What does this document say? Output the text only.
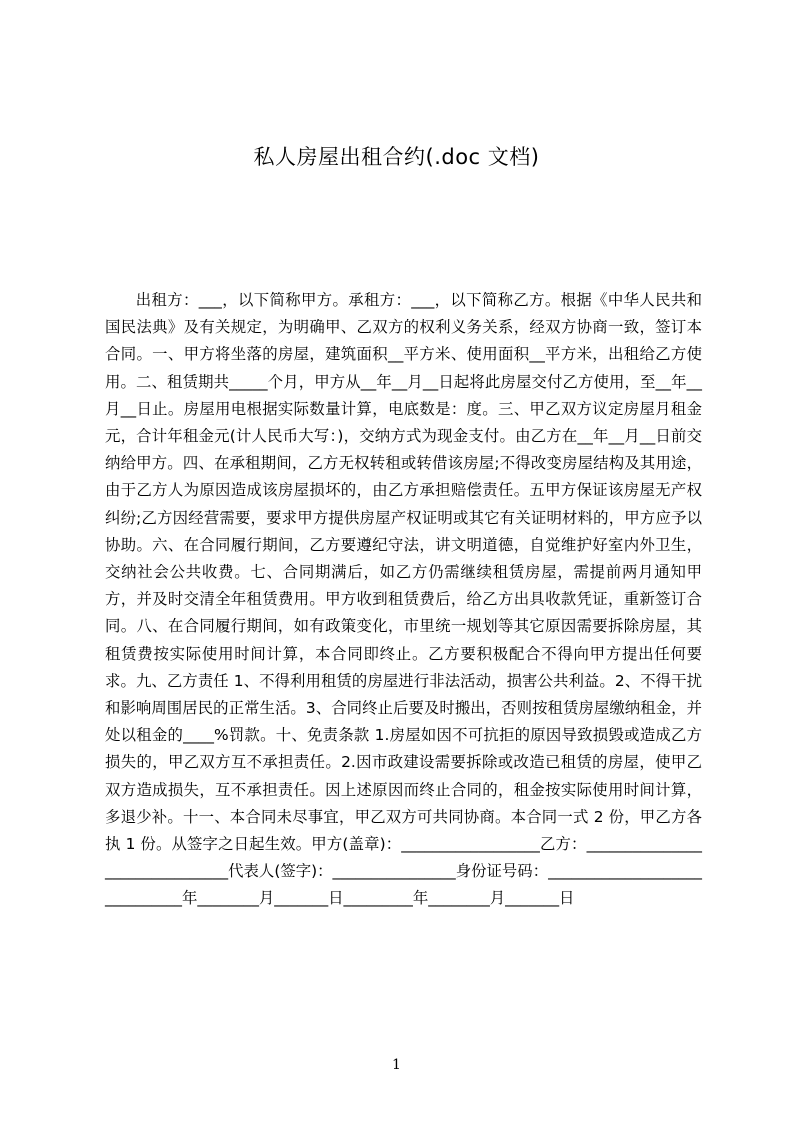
私人房屋出租合约(.doc 文档)
出租方：___，以下简称甲方。承租方：___，以下简称乙方。根据《中华人民共和国民法典》及有关规定，为明确甲、乙双方的权利义务关系，经双方协商一致，签订本合同。一、甲方将坐落的房屋，建筑面积__平方米、使用面积__平方米，出租给乙方使用。二、租赁期共_____个月，甲方从__年__月__日起将此房屋交付乙方使用，至__年__月__日止。房屋用电根据实际数量计算，电底数是：度。三、甲乙双方议定房屋月租金元，合计年租金元(计人民币大写：)，交纳方式为现金支付。由乙方在__年__月__日前交纳给甲方。四、在承租期间，乙方无权转租或转借该房屋;不得改变房屋结构及其用途，由于乙方人为原因造成该房屋损坏的，由乙方承担赔偿责任。五甲方保证该房屋无产权纠纷;乙方因经营需要，要求甲方提供房屋产权证明或其它有关证明材料的，甲方应予以协助。六、在合同履行期间，乙方要遵纪守法，讲文明道德，自觉维护好室内外卫生，交纳社会公共收费。七、合同期满后，如乙方仍需继续租赁房屋，需提前两月通知甲方，并及时交清全年租赁费用。甲方收到租赁费后，给乙方出具收款凭证，重新签订合同。八、在合同履行期间，如有政策变化，市里统一规划等其它原因需要拆除房屋，其租赁费按实际使用时间计算，本合同即终止。乙方要积极配合不得向甲方提出任何要求。九、乙方责任 1、不得利用租赁的房屋进行非法活动，损害公共利益。2、不得干扰和影响周围居民的正常生活。3、合同终止后要及时搬出，否则按租赁房屋缴纳租金，并处以租金的____%罚款。十、免责条款 1.房屋如因不可抗拒的原因导致损毁或造成乙方损失的，甲乙双方互不承担责任。2.因市政建设需要拆除或改造已租赁的房屋，使甲乙双方造成损失，互不承担责任。因上述原因而终止合同的，租金按实际使用时间计算，多退少补。十一、本合同未尽事宜，甲乙双方可共同协商。本合同一式 2 份，甲乙方各执 1 份。从签字之日起生效。甲方(盖章)：__________________乙方：_______________________________代表人(签字)：________________身份证号码：______________________________年________月_______日_________年________月_______日
1
